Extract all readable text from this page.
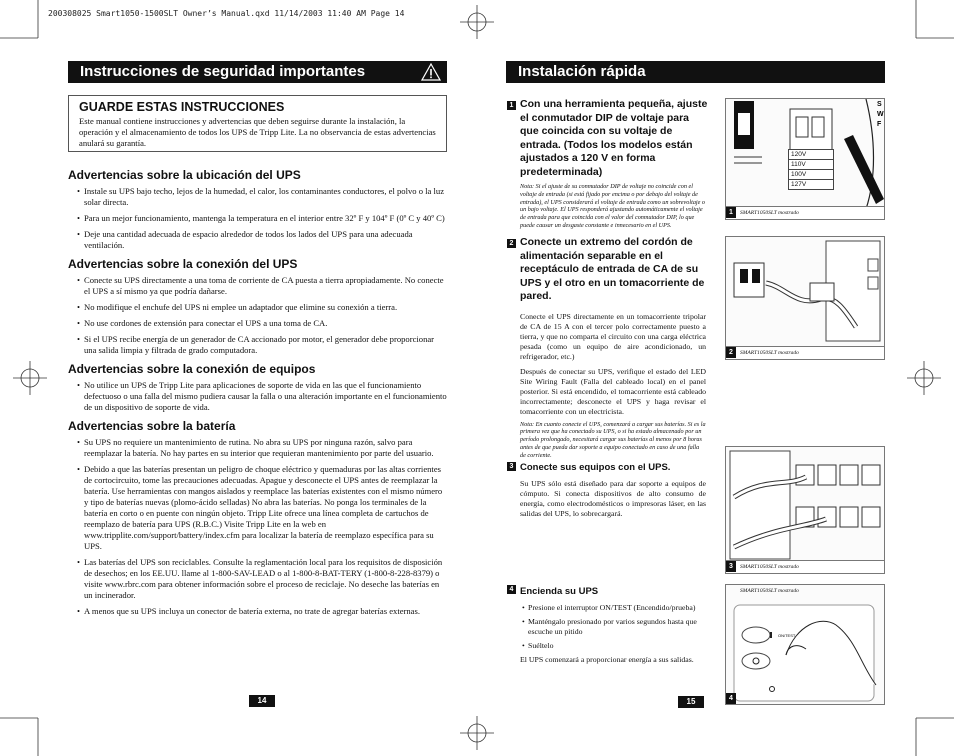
200308025 Smart1050-1500SLT Owner’s Manual.qxd 11/14/2003 11:40 AM Page 14
Instrucciones de seguridad importantes
GUARDE ESTAS INSTRUCCIONES
Este manual contiene instrucciones y advertencias que deben seguirse durante la instalación, la operación y el almacenamiento de todos los UPS de Tripp Lite. La no observancia de estas advertencias anulará su garantía.
Advertencias sobre la ubicación del UPS

• Instale su UPS bajo techo, lejos de la humedad, el calor, los contaminantes conductores, el polvo o la luz solar directa.

• Para un mejor funcionamiento, mantenga la temperatura en el interior entre 32º F y 104º F (0º C y 40º C)

• Deje una cantidad adecuada de espacio alrededor de todos los lados del UPS para una adecuada ventilación.

Advertencias sobre la conexión del UPS

• Conecte su UPS directamente a una toma de corriente de CA puesta a tierra apropiadamente. No conecte el UPS a sí mismo ya que podría dañarse.

• No modifique el enchufe del UPS ni emplee un adaptador que elimine su conexión a tierra.

• No use cordones de extensión para conectar el UPS a una toma de CA.

• Si el UPS recibe energía de un generador de CA accionado por motor, el generador debe proporcionar una salida limpia y filtrada de grado computadora.

Advertencias sobre la conexión de equipos

• No utilice un UPS de Tripp Lite para aplicaciones de soporte de vida en las que el funcionamiento defectuoso o una falla del mismo pudiera causar la falla o una alteración importante en el funcionamiento de un dispositivo de soporte de vida.

Advertencias sobre la batería

• Su UPS no requiere un mantenimiento de rutina. No abra su UPS por ninguna razón, salvo para reemplazar la batería. No hay partes en su interior que requieran mantenimiento por parte del usuario.

• Debido a que las baterías presentan un peligro de choque eléctrico y quemaduras por las altas corrientes de cortocircuito, tome las precauciones adecuadas. Apague y desconecte el UPS antes de reemplazar la batería. Use herramientas con mangos aislados y reemplace las baterías existentes con el mismo número y tipo de baterías nuevas (plomo-ácido selladas) No abra las baterías. No ponga los terminales de la batería en corto o en puente con ningún objeto. Tripp Lite ofrece una línea completa de cartuchos de reemplazo de batería para UPS (R.B.C.) Visite Tripp Lite en la web en www.tripplite.com/support/battery/index.cfm para localizar la batería de reemplazo específica para su UPS.

• Las baterías del UPS son reciclables. Consulte la reglamentación local para los requisitos de disposición de desechos; en los EE.UU. llame al 1-800-SAV-LEAD o al 1-800-8-BAT-TERY (1-800-8-228-8379) o visite www.rbrc.com para obtener información sobre el proceso de reciclaje. No deseche las baterías en un incinerador.

• A menos que su UPS incluya un conector de batería externa, no trate de agregar baterías externas.

14
Instalación rápida
1 Con una herramienta pequeña, ajuste el conmutador DIP de voltaje para que coincida con su voltaje de entrada. (Todos los modelos están ajustados a 120 V en forma predeterminada)
Nota: Si el ajuste de su conmutador DIP de voltaje no coincide con el voltaje de entrada (si está fijado por encima o por debajo del voltaje de entrada), el UPS considerará el voltaje de entrada como un sobrevoltaje o un bajo voltaje. El UPS responderá ajustando automáticamente el voltaje de entrada para que coincida con el valor del conmutador DIP, lo que puede causar un desgaste constante e innecesario en el UPS.
S
W
F
120V
110V
100V
127V
1 SMART1050SLT mostrado
2 Conecte un extremo del cordón de alimentación separable en el receptáculo de entrada de CA de su UPS y el otro en un tomacorriente de pared.
Conecte el UPS directamente en un tomacorriente tripolar de CA de 15 A con el tercer polo correctamente puesto a tierra, y que no comparta el circuito con una carga eléctrica pesada (como un equipo de aire acondicionado, un refrigerador, etc.)
Después de conectar su UPS, verifique el estado del LED Site Wiring Fault (Falla del cableado local) en el panel posterior. Si está encendido, el tomacorriente está cableado incorrectamente; desconecte el UPS y haga revisar el tomacorriente con un electricista.
Nota: En cuanto conecte el UPS, comenzará a cargar sus baterías. Si es la primera vez que ha conectado su UPS, o si ha estado almacenado por un período prolongado, necesitará cargar sus baterías al menos por 8 horas antes de que pueda dar soporte a equipo conectado en caso de una falla de corriente.
2 SMART1050SLT mostrado
3 Conecte sus equipos con el UPS.
Su UPS sólo está diseñado para dar soporte a equipos de cómputo. Si conecta dispositivos de alto consumo de energía, como electrodomésticos o impresoras láser, en las salidas del UPS, lo sobrecargará.
3 SMART1050SLT mostrado
4 Encienda su UPS

• Presione el interruptor ON/TEST (Encendido/prueba)

• Manténgalo presionado por varios segundos hasta que escuche un pitido

• Suéltelo

El UPS comenzará a proporcionar energía a sus salidas.
SMART1050SLT mostrado
ON/TEST
4
15
